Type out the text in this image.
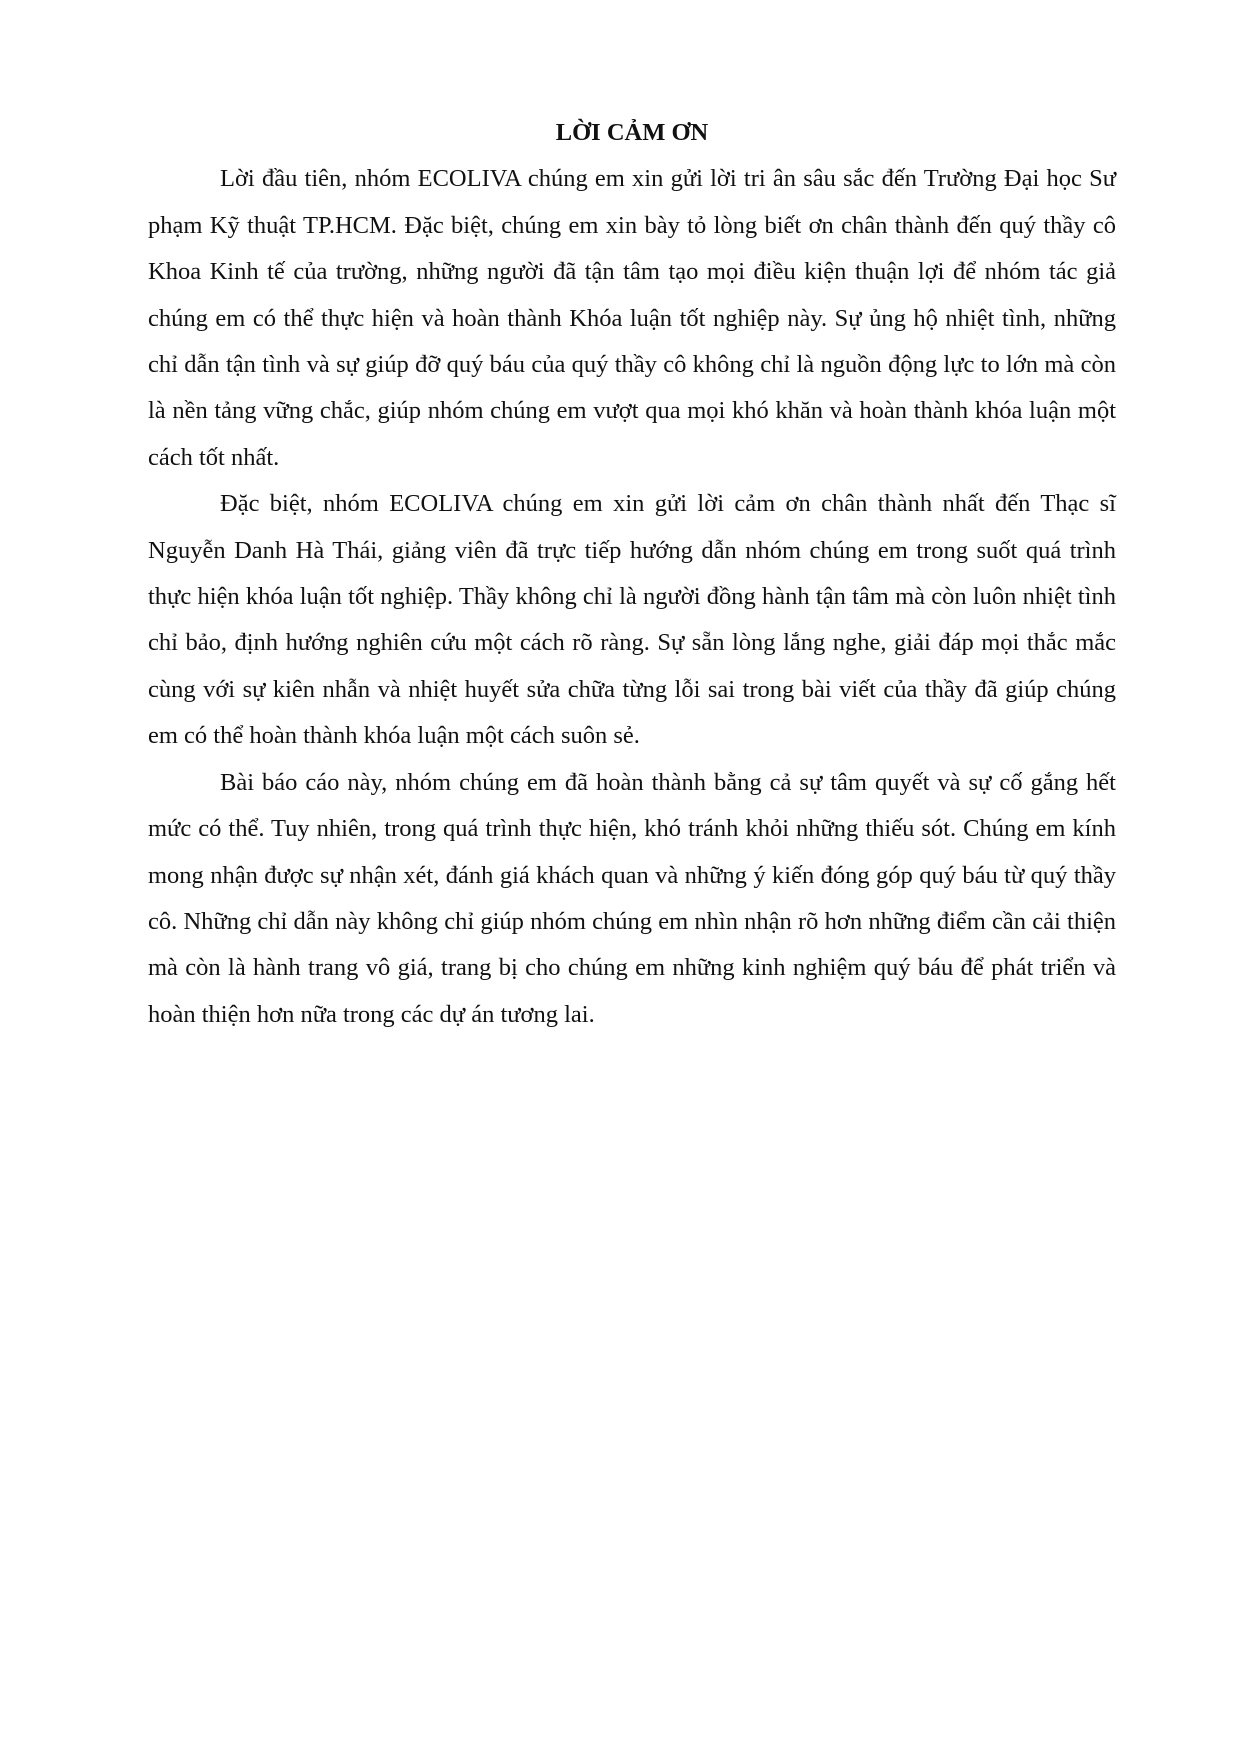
LỜI CẢM ƠN

Lời đầu tiên, nhóm ECOLIVA chúng em xin gửi lời tri ân sâu sắc đến Trường Đại học Sư phạm Kỹ thuật TP.HCM. Đặc biệt, chúng em xin bày tỏ lòng biết ơn chân thành đến quý thầy cô Khoa Kinh tế của trường, những người đã tận tâm tạo mọi điều kiện thuận lợi để nhóm tác giả chúng em có thể thực hiện và hoàn thành Khóa luận tốt nghiệp này. Sự ủng hộ nhiệt tình, những chỉ dẫn tận tình và sự giúp đỡ quý báu của quý thầy cô không chỉ là nguồn động lực to lớn mà còn là nền tảng vững chắc, giúp nhóm chúng em vượt qua mọi khó khăn và hoàn thành khóa luận một cách tốt nhất.

Đặc biệt, nhóm ECOLIVA chúng em xin gửi lời cảm ơn chân thành nhất đến Thạc sĩ Nguyễn Danh Hà Thái, giảng viên đã trực tiếp hướng dẫn nhóm chúng em trong suốt quá trình thực hiện khóa luận tốt nghiệp. Thầy không chỉ là người đồng hành tận tâm mà còn luôn nhiệt tình chỉ bảo, định hướng nghiên cứu một cách rõ ràng. Sự sẵn lòng lắng nghe, giải đáp mọi thắc mắc cùng với sự kiên nhẫn và nhiệt huyết sửa chữa từng lỗi sai trong bài viết của thầy đã giúp chúng em có thể hoàn thành khóa luận một cách suôn sẻ.

Bài báo cáo này, nhóm chúng em đã hoàn thành bằng cả sự tâm quyết và sự cố gắng hết mức có thể. Tuy nhiên, trong quá trình thực hiện, khó tránh khỏi những thiếu sót. Chúng em kính mong nhận được sự nhận xét, đánh giá khách quan và những ý kiến đóng góp quý báu từ quý thầy cô. Những chỉ dẫn này không chỉ giúp nhóm chúng em nhìn nhận rõ hơn những điểm cần cải thiện mà còn là hành trang vô giá, trang bị cho chúng em những kinh nghiệm quý báu để phát triển và hoàn thiện hơn nữa trong các dự án tương lai.
